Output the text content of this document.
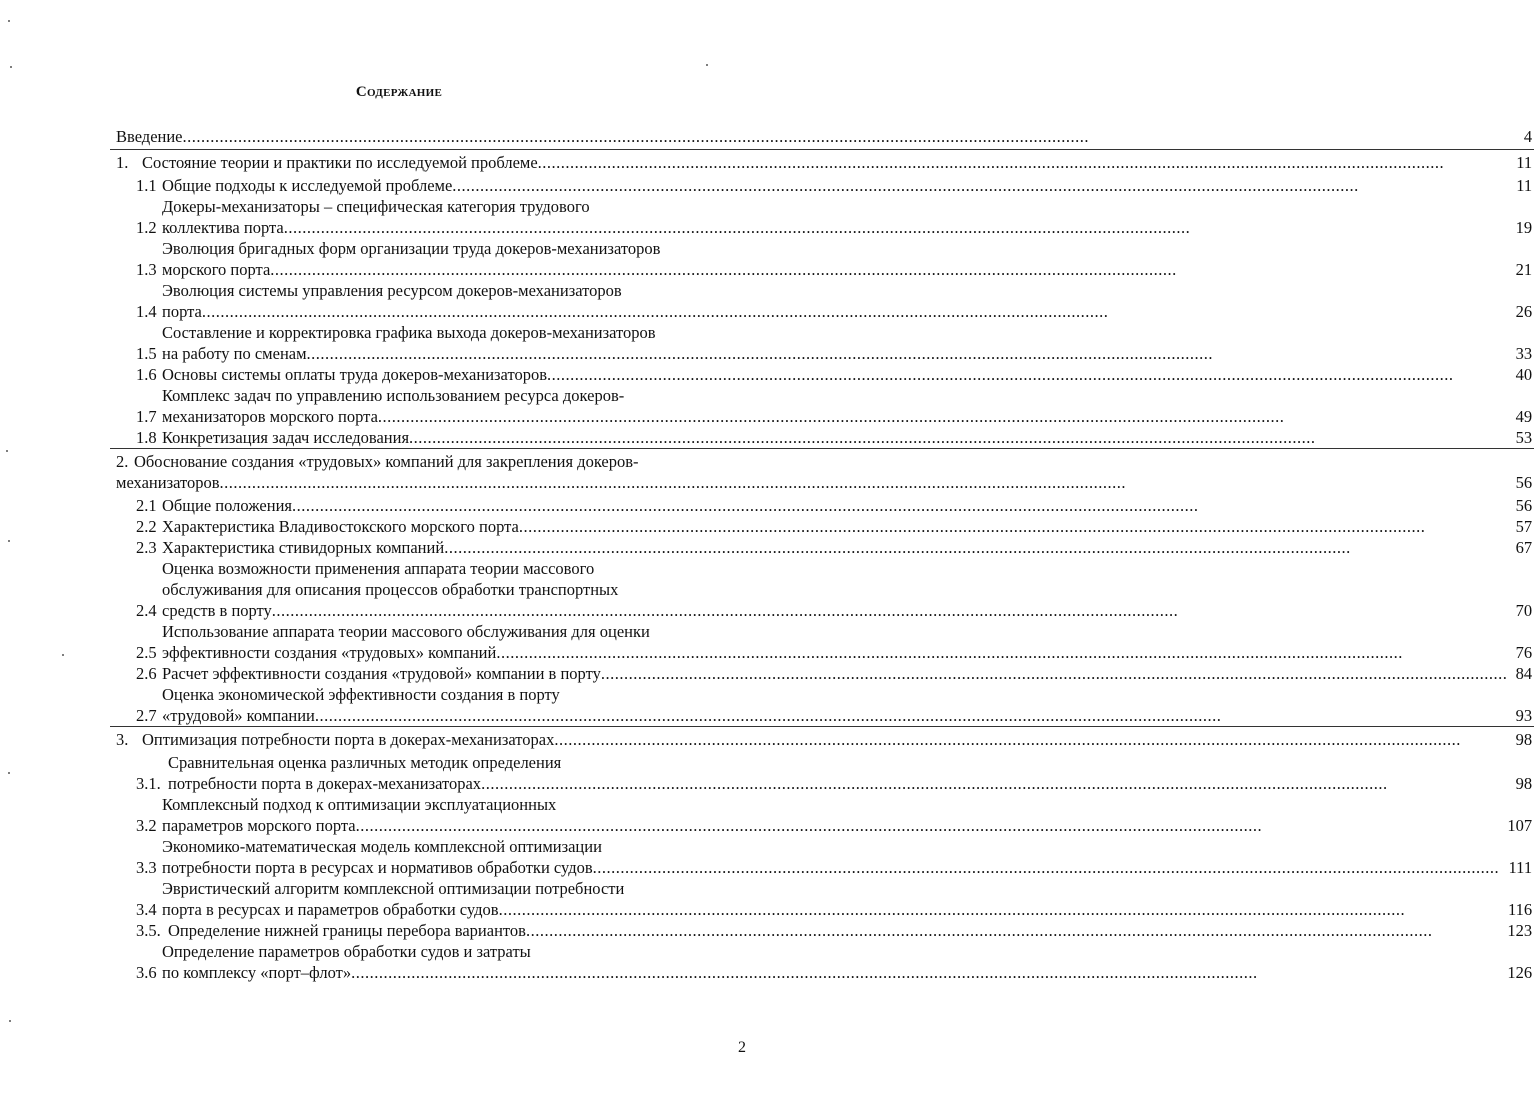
Содержание
Введение
.....	4

1. Состояние теории и практики по исследуемой проблеме
.....	11

1.1 Общие подходы к исследуемой проблеме
.....	11

1.2
Докеры-механизаторы – специфическая категория трудового
коллектива порта
.....	19

1.3
Эволюция бригадных форм организации труда докеров-механизаторов
морского порта
.....	21

1.4
Эволюция системы управления ресурсом докеров-механизаторов
порта
.....	26

1.5
Составление и корректировка графика выхода докеров-механизаторов
на работу по сменам
.....	33

1.6 Основы системы оплаты труда докеров-механизаторов
.....	40

1.7
Комплекс задач по управлению использованием ресурса докеров-
механизаторов морского порта
.....	49

1.8 Конкретизация задач исследования
.....	53

2. Обоснование создания «трудовых» компаний для закрепления докеров-
механизаторов
.....	56

2.1 Общие положения
.....	56

2.2 Характеристика Владивостокского морского порта
.....	57

2.3 Характеристика стивидорных компаний
.....	67

2.4
Оценка возможности применения аппарата теории массового
обслуживания для описания процессов обработки транспортных
средств в порту
.....	70

2.5
Использование аппарата теории массового обслуживания для оценки
эффективности создания «трудовых» компаний
.....	76

2.6 Расчет эффективности создания «трудовой» компании в порту
.....	84

2.7
Оценка экономической эффективности создания в порту
«трудовой» компании
.....	93

3. Оптимизация потребности порта в докерах-механизаторах
.....	98

3.1.
Сравнительная оценка различных методик определения
потребности порта в докерах-механизаторах
.....	98

3.2
Комплексный подход к оптимизации эксплуатационных
параметров морского порта
.....	107

3.3
Экономико-математическая модель комплексной оптимизации
потребности порта в ресурсах и нормативов обработки судов
.....	111

3.4
Эвристический алгоритм комплексной оптимизации потребности
порта в ресурсах и параметров обработки судов
.....	116

3.5. Определение нижней границы перебора вариантов
.....	123

3.6
Определение параметров обработки судов и затраты
по комплексу «порт–флот»
.....	126
2
